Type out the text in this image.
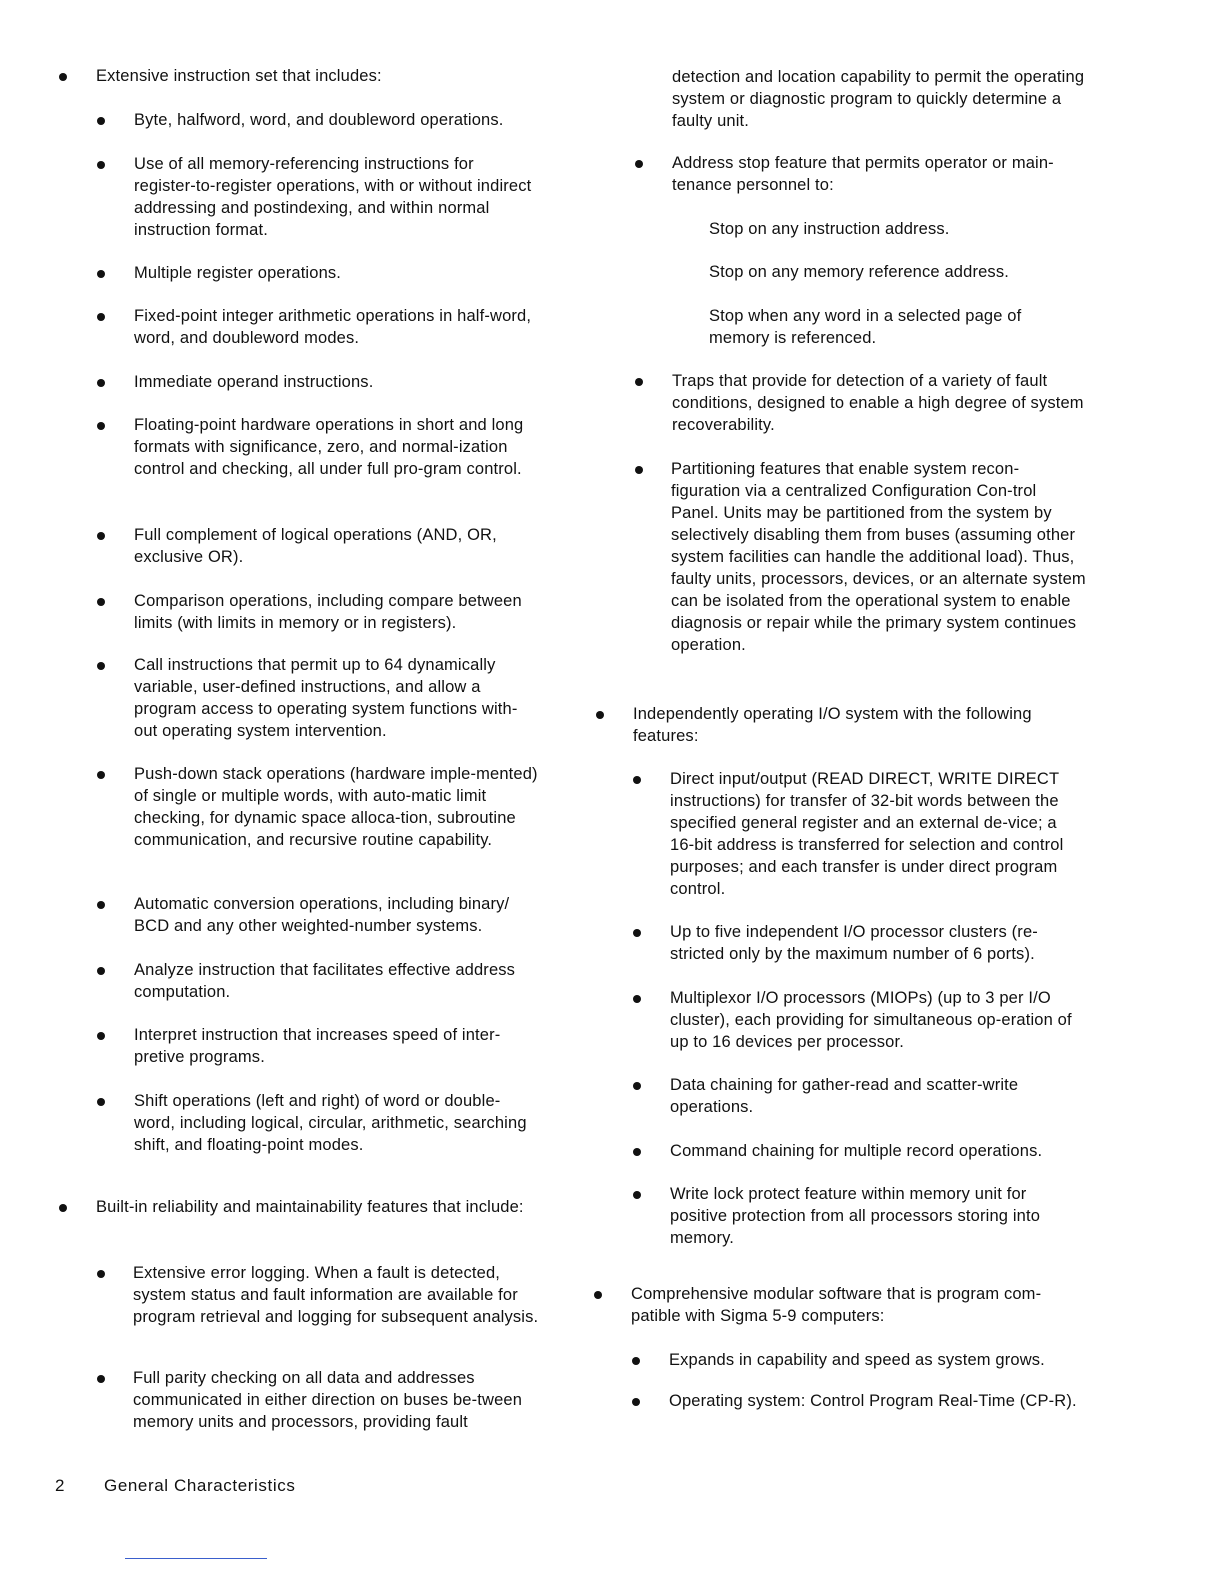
Extensive instruction set that includes:
Byte, halfword, word, and doubleword operations.
Use of all memory-referencing instructions for register-to-register operations, with or without indirect addressing and postindexing, and within normal instruction format.
Multiple register operations.
Fixed-point integer arithmetic operations in half-word, word, and doubleword modes.
Immediate operand instructions.
Floating-point hardware operations in short and long formats with significance, zero, and normal-ization control and checking, all under full pro-gram control.
Full complement of logical operations (AND, OR, exclusive OR).
Comparison operations, including compare between limits (with limits in memory or in registers).
Call instructions that permit up to 64 dynamically variable, user-defined instructions, and allow a program access to operating system functions with-out operating system intervention.
Push-down stack operations (hardware imple-mented) of single or multiple words, with auto-matic limit checking, for dynamic space alloca-tion, subroutine communication, and recursive routine capability.
Automatic conversion operations, including binary/ BCD and any other weighted-number systems.
Analyze instruction that facilitates effective address computation.
Interpret instruction that increases speed of inter-pretive programs.
Shift operations (left and right) of word or double-word, including logical, circular, arithmetic, searching shift, and floating-point modes.
Built-in reliability and maintainability features that include:
Extensive error logging. When a fault is detected, system status and fault information are available for program retrieval and logging for subsequent analysis.
Full parity checking on all data and addresses communicated in either direction on buses be-tween memory units and processors, providing fault
detection and location capability to permit the operating system or diagnostic program to quickly determine a faulty unit.
Address stop feature that permits operator or main-tenance personnel to:
Stop on any instruction address.
Stop on any memory reference address.
Stop when any word in a selected page of memory is referenced.
Traps that provide for detection of a variety of fault conditions, designed to enable a high degree of system recoverability.
Partitioning features that enable system recon-figuration via a centralized Configuration Con-trol Panel. Units may be partitioned from the system by selectively disabling them from buses (assuming other system facilities can handle the additional load). Thus, faulty units, processors, devices, or an alternate system can be isolated from the operational system to enable diagnosis or repair while the primary system continues operation.
Independently operating I/O system with the following features:
Direct input/output (READ DIRECT, WRITE DIRECT instructions) for transfer of 32-bit words between the specified general register and an external de-vice; a 16-bit address is transferred for selection and control purposes; and each transfer is under direct program control.
Up to five independent I/O processor clusters (re-stricted only by the maximum number of 6 ports).
Multiplexor I/O processors (MIOPs) (up to 3 per I/O cluster), each providing for simultaneous op-eration of up to 16 devices per processor.
Data chaining for gather-read and scatter-write operations.
Command chaining for multiple record operations.
Write lock protect feature within memory unit for positive protection from all processors storing into memory.
Comprehensive modular software that is program com-patible with Sigma 5-9 computers:
Expands in capability and speed as system grows.
Operating system: Control Program Real-Time (CP-R).
2 General Characteristics
